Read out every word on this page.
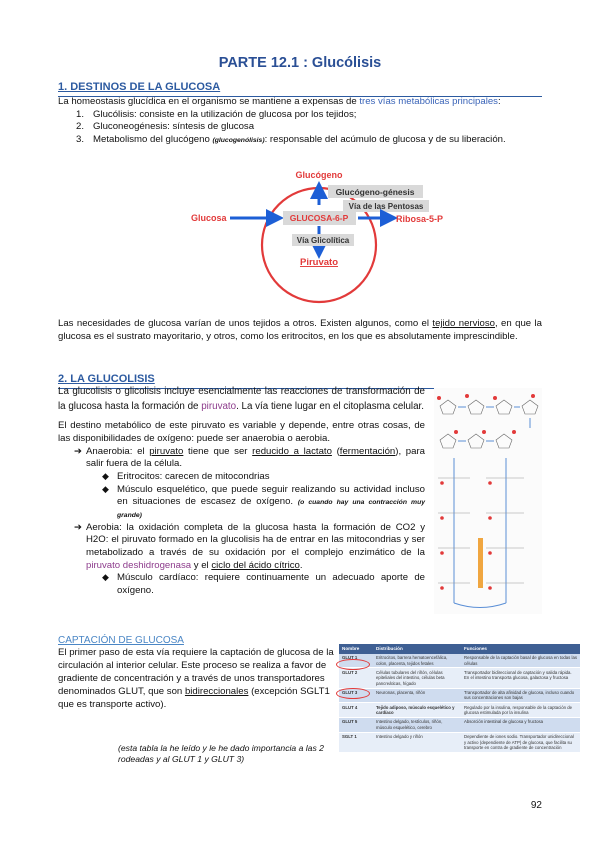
PARTE 12.1 : Glucólisis
1. DESTINOS DE LA GLUCOSA

La homeostasis glucídica en el organismo se mantiene a expensas de tres vías metabólicas principales:

1. Glucólisis: consiste en la utilización de glucosa por los tejidos;
2. Gluconeogénesis: síntesis de glucosa
3. Metabolismo del glucógeno (glucogenólisis): responsable del acúmulo de glucosa y de su liberación.
Glucógeno
Glucógeno-génesis
Vía de las Pentosas
Glucosa	GLUCOSA-6-P	Ribosa-5-P
Vía Glicolítica
Piruvato
Las necesidades de glucosa varían de unos tejidos a otros. Existen algunos, como el tejido nervioso, en que la glucosa es el sustrato mayoritario, y otros, como los eritrocitos, en los que es absolutamente imprescindible.
2. LA GLUCOLISIS

La glucolisis o glicolisis incluye esencialmente las reacciones de transformación de la glucosa hasta la formación de piruvato. La vía tiene lugar en el citoplasma celular.

El destino metabólico de este piruvato es variable y depende, entre otras cosas, de las disponibilidades de oxígeno: puede ser anaerobia o aerobia.

➔ Anaerobia: el piruvato tiene que ser reducido a lactato (fermentación), para salir fuera de la célula.
◆ Eritrocitos: carecen de mitocondrias
◆ Músculo esquelético, que puede seguir realizando su actividad incluso en situaciones de escasez de oxígeno. (o cuando hay una contracción muy grande)
➔ Aerobia: la oxidación completa de la glucosa hasta la formación de CO2 y H2O: el piruvato formado en la glucolisis ha de entrar en las mitocondrias y ser metabolizado a través de su oxidación por el complejo enzimático de la piruvato deshidrogenasa y el ciclo del ácido cítrico.
◆ Músculo cardíaco: requiere continuamente un adecuado aporte de oxígeno.
CAPTACIÓN DE GLUCOSA
El primer paso de esta vía requiere la captación de glucosa de la circulación al interior celular. Este proceso se realiza a favor de gradiente de concentración y a través de unos transportadores denominados GLUT, que son bidireccionales (excepción SGLT1 que es transporte activo).
(esta tabla la he leído y le he dado importancia a las 2 rodeadas y al GLUT 1 y GLUT 3)
Nombre	Distribución	Funciones
GLUT 1	Eritrocitos, barrera hematoencefálica, colon, placenta, tejidos fetales	Responsable de la captación basal de glucosa en todas las células
GLUT 2	Células tubulares del riñón, células epiteliales del intestino, células beta pancreáticas, hígado	Transportador bidireccional de captación y salida rápida. En el intestino transporta glucosa, galactosa y fructosa
GLUT 3	Neuronas, placenta, riñón	Transportador de alta afinidad de glucosa, incluso cuando sus concentraciones son bajas
GLUT 4	Tejido adiposo, músculo esquelético y cardíaco	Regulado por la insulina, responsable de la captación de glucosa estimulada por la insulina
GLUT 5	Intestino delgado, testículos, riñón, músculo esquelético, cerebro	Absorción intestinal de glucosa y fructosa
SGLT 1	Intestino delgado y riñón	Dependiente de iones sodio. Transportador unidireccional y activo (dependiente de ATP) de glucosa, que facilita su transporte en contra de gradiente de concentración
92
